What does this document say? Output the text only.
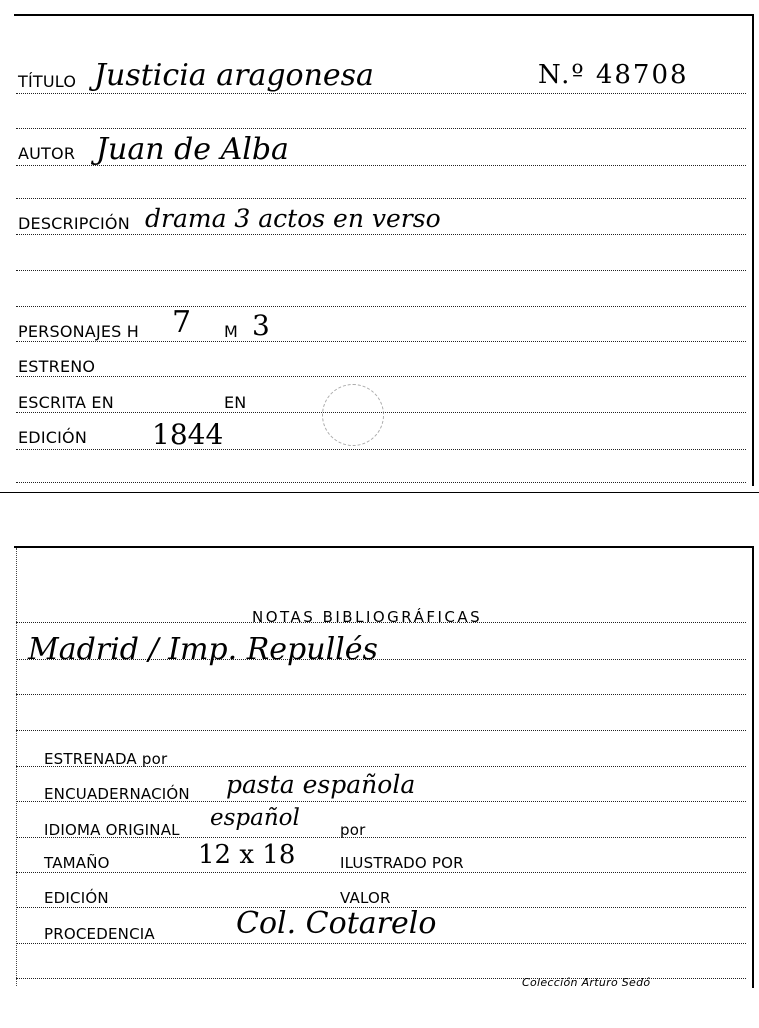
TÍTULO Justicia aragonesa	N.º 48708
AUTOR Juan de Alba
DESCRIPCIÓN drama 3 actos en verso
PERSONAJES H 7 M 3
ESTRENO
ESCRITA EN	EN
EDICIÓN 1844
NOTAS BIBLIOGRÁFICAS
Madrid / Imp. Repullés
ESTRENADA por
ENCUADERNACIÓN pasta española
IDIOMA ORIGINAL español	por
TAMAÑO	12 x 18	ILUSTRADO POR
EDICIÓN	VALOR
PROCEDENCIA	Col. Cotarelo
Colección Arturo Sedó
